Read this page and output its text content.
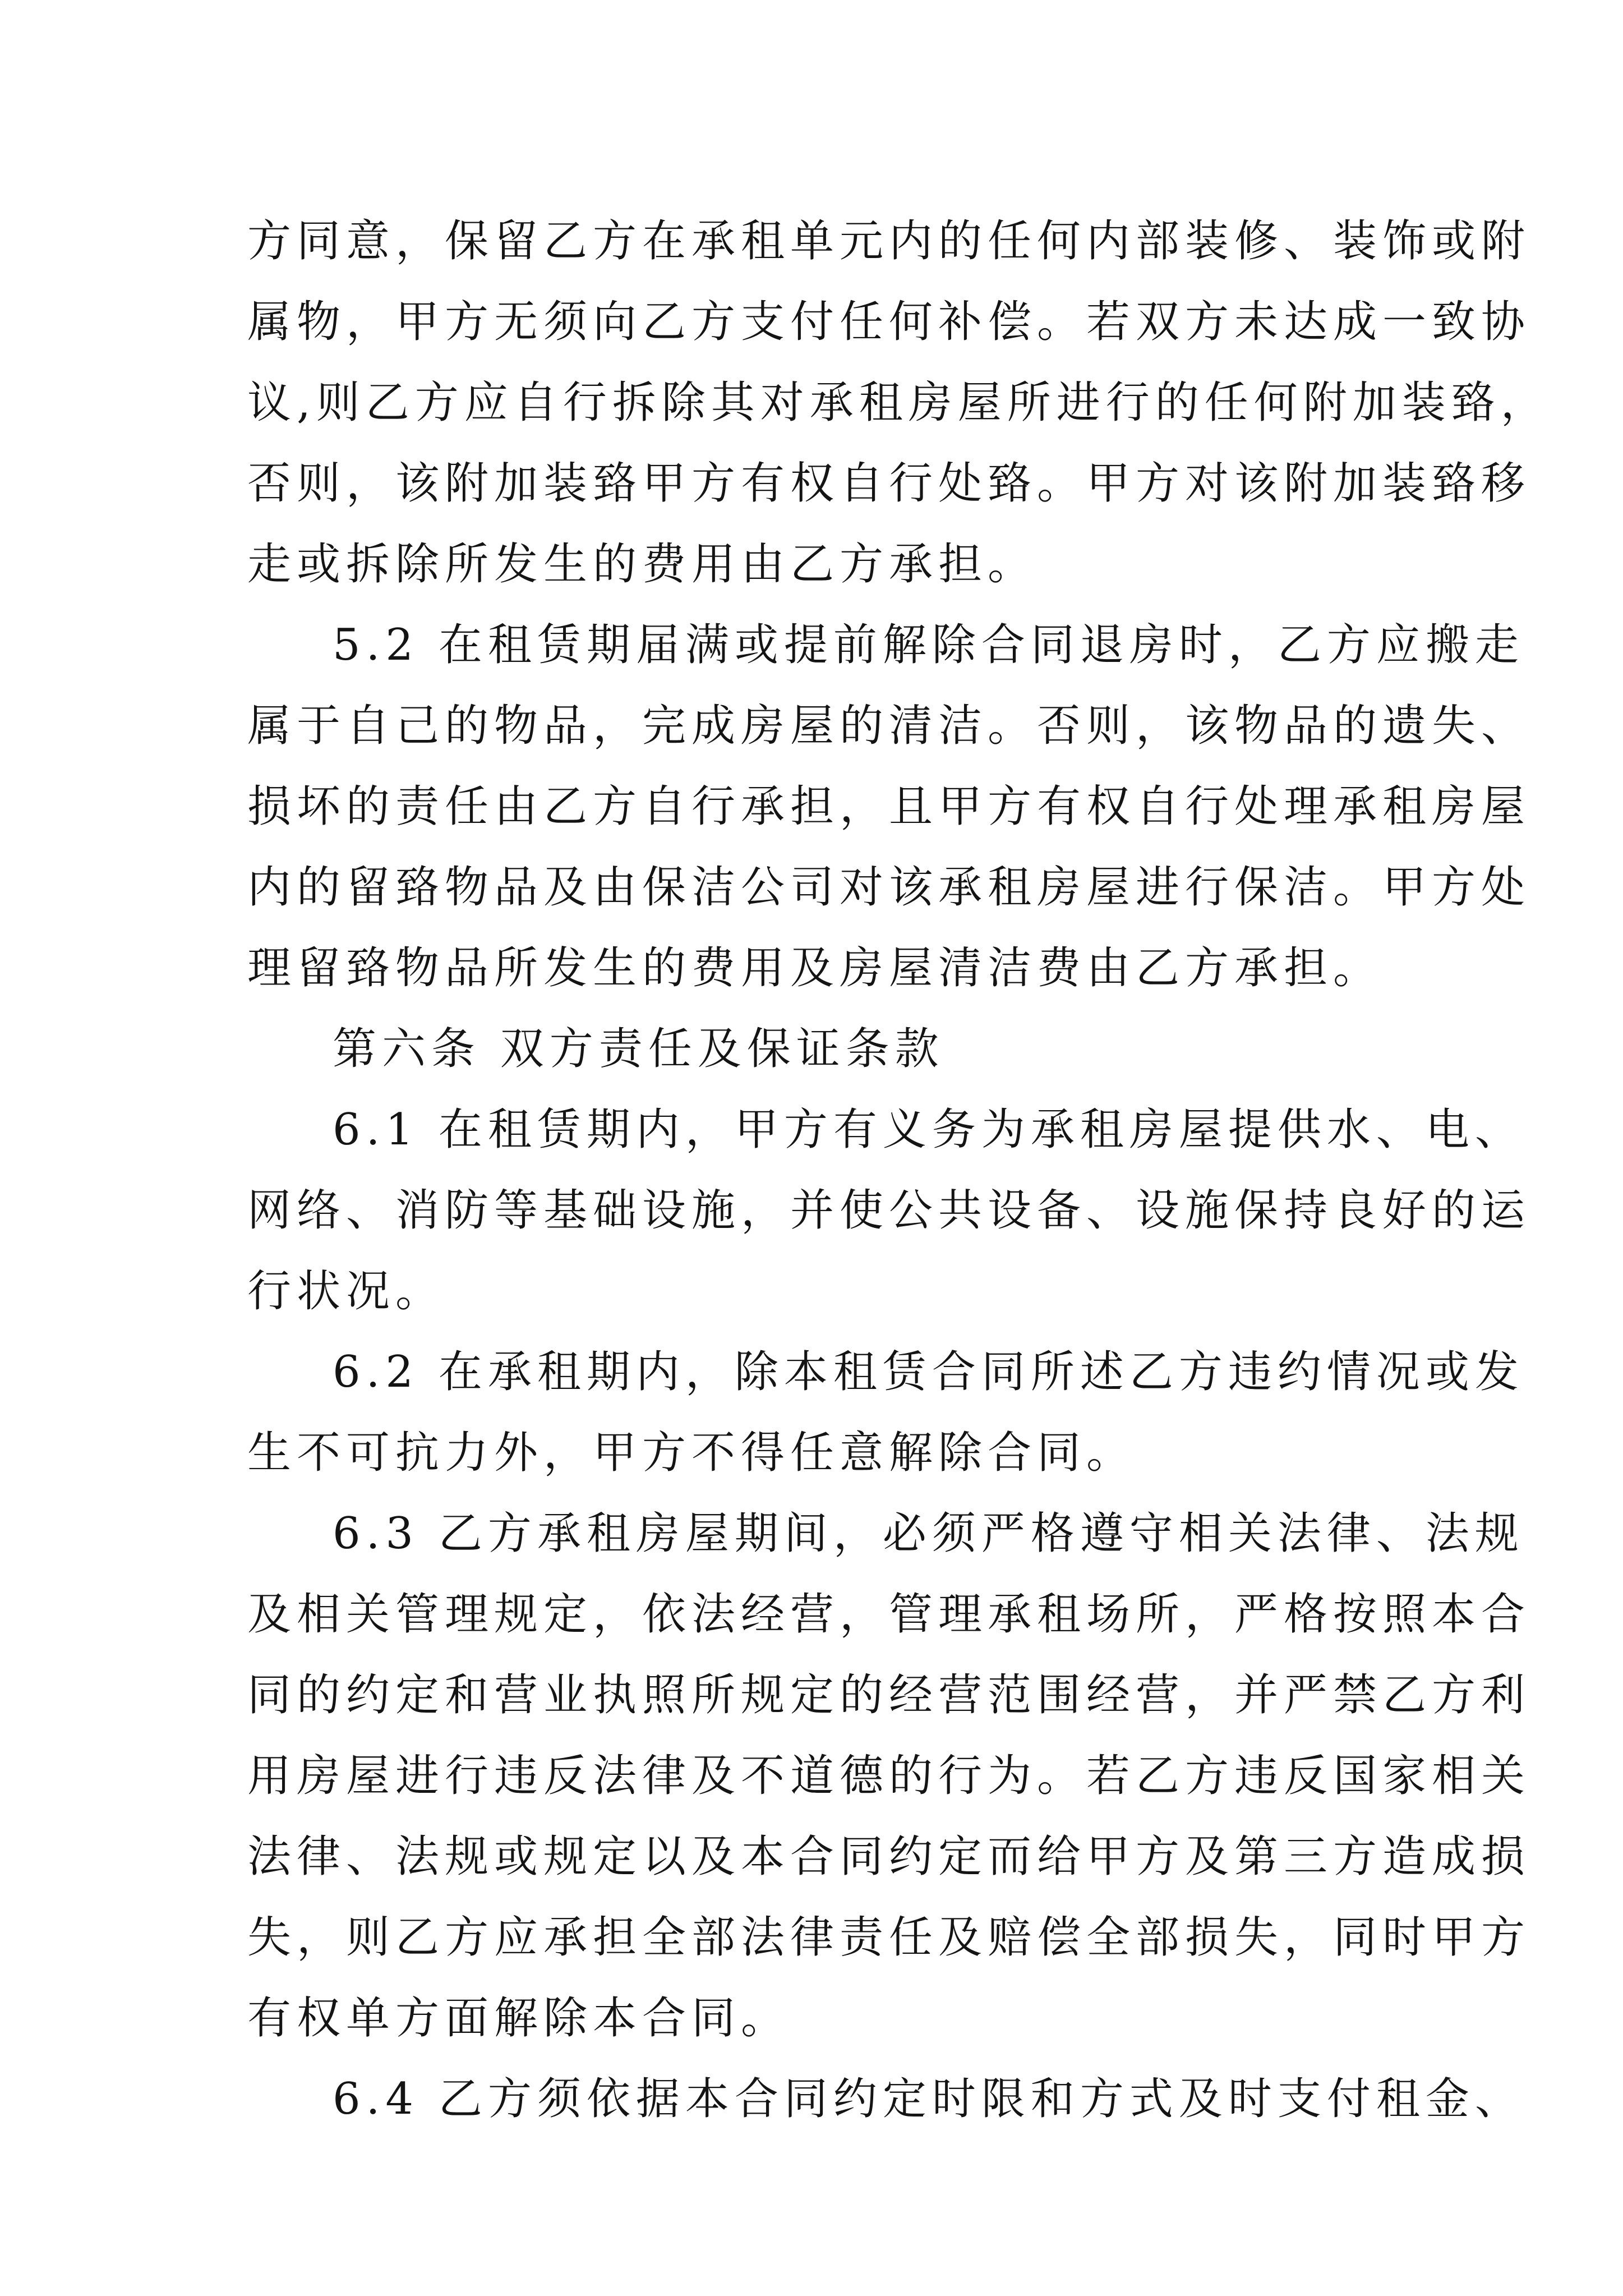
方同意，保留乙方在承租单元内的任何内部装修、装饰或附
属物，甲方无须向乙方支付任何补偿。若双方未达成一致协
议,则乙方应自行拆除其对承租房屋所进行的任何附加装臵，
否则，该附加装臵甲方有权自行处臵。甲方对该附加装臵移
走或拆除所发生的费用由乙方承担。
5.2 在租赁期届满或提前解除合同退房时，乙方应搬走
属于自己的物品，完成房屋的清洁。否则，该物品的遗失、
损坏的责任由乙方自行承担，且甲方有权自行处理承租房屋
内的留臵物品及由保洁公司对该承租房屋进行保洁。甲方处
理留臵物品所发生的费用及房屋清洁费由乙方承担。
第六条 双方责任及保证条款
6.1 在租赁期内，甲方有义务为承租房屋提供水、电、
网络、消防等基础设施，并使公共设备、设施保持良好的运
行状况。
6.2 在承租期内，除本租赁合同所述乙方违约情况或发
生不可抗力外，甲方不得任意解除合同。
6.3 乙方承租房屋期间，必须严格遵守相关法律、法规
及相关管理规定，依法经营，管理承租场所，严格按照本合
同的约定和营业执照所规定的经营范围经营，并严禁乙方利
用房屋进行违反法律及不道德的行为。若乙方违反国家相关
法律、法规或规定以及本合同约定而给甲方及第三方造成损
失，则乙方应承担全部法律责任及赔偿全部损失，同时甲方
有权单方面解除本合同。
6.4 乙方须依据本合同约定时限和方式及时支付租金、
